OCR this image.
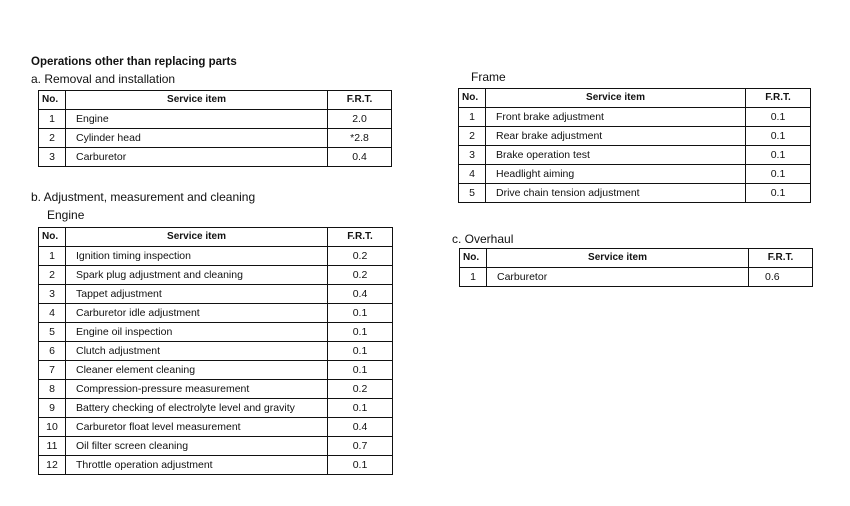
Operations other than replacing parts
a. Removal and installation
b. Adjustment, measurement and cleaning
Engine
Frame
c. Overhaul
No.	Service item	F.R.T.
1	Engine	2.0
2	Cylinder head	*2.8
3	Carburetor	0.4
No.	Service item	F.R.T.
1	Ignition timing inspection	0.2
2	Spark plug adjustment and cleaning	0.2
3	Tappet adjustment	0.4
4	Carburetor idle adjustment	0.1
5	Engine oil inspection	0.1
6	Clutch adjustment	0.1
7	Cleaner element cleaning	0.1
8	Compression-pressure measurement	0.2
9	Battery checking of electrolyte level and gravity	0.1
10	Carburetor float level measurement	0.4
11	Oil filter screen cleaning	0.7
12	Throttle operation adjustment	0.1
No.	Service item	F.R.T.
1	Front brake adjustment	0.1
2	Rear brake adjustment	0.1
3	Brake operation test	0.1
4	Headlight aiming	0.1
5	Drive chain tension adjustment	0.1
No.	Service item	F.R.T.
1	Carburetor	0.6
